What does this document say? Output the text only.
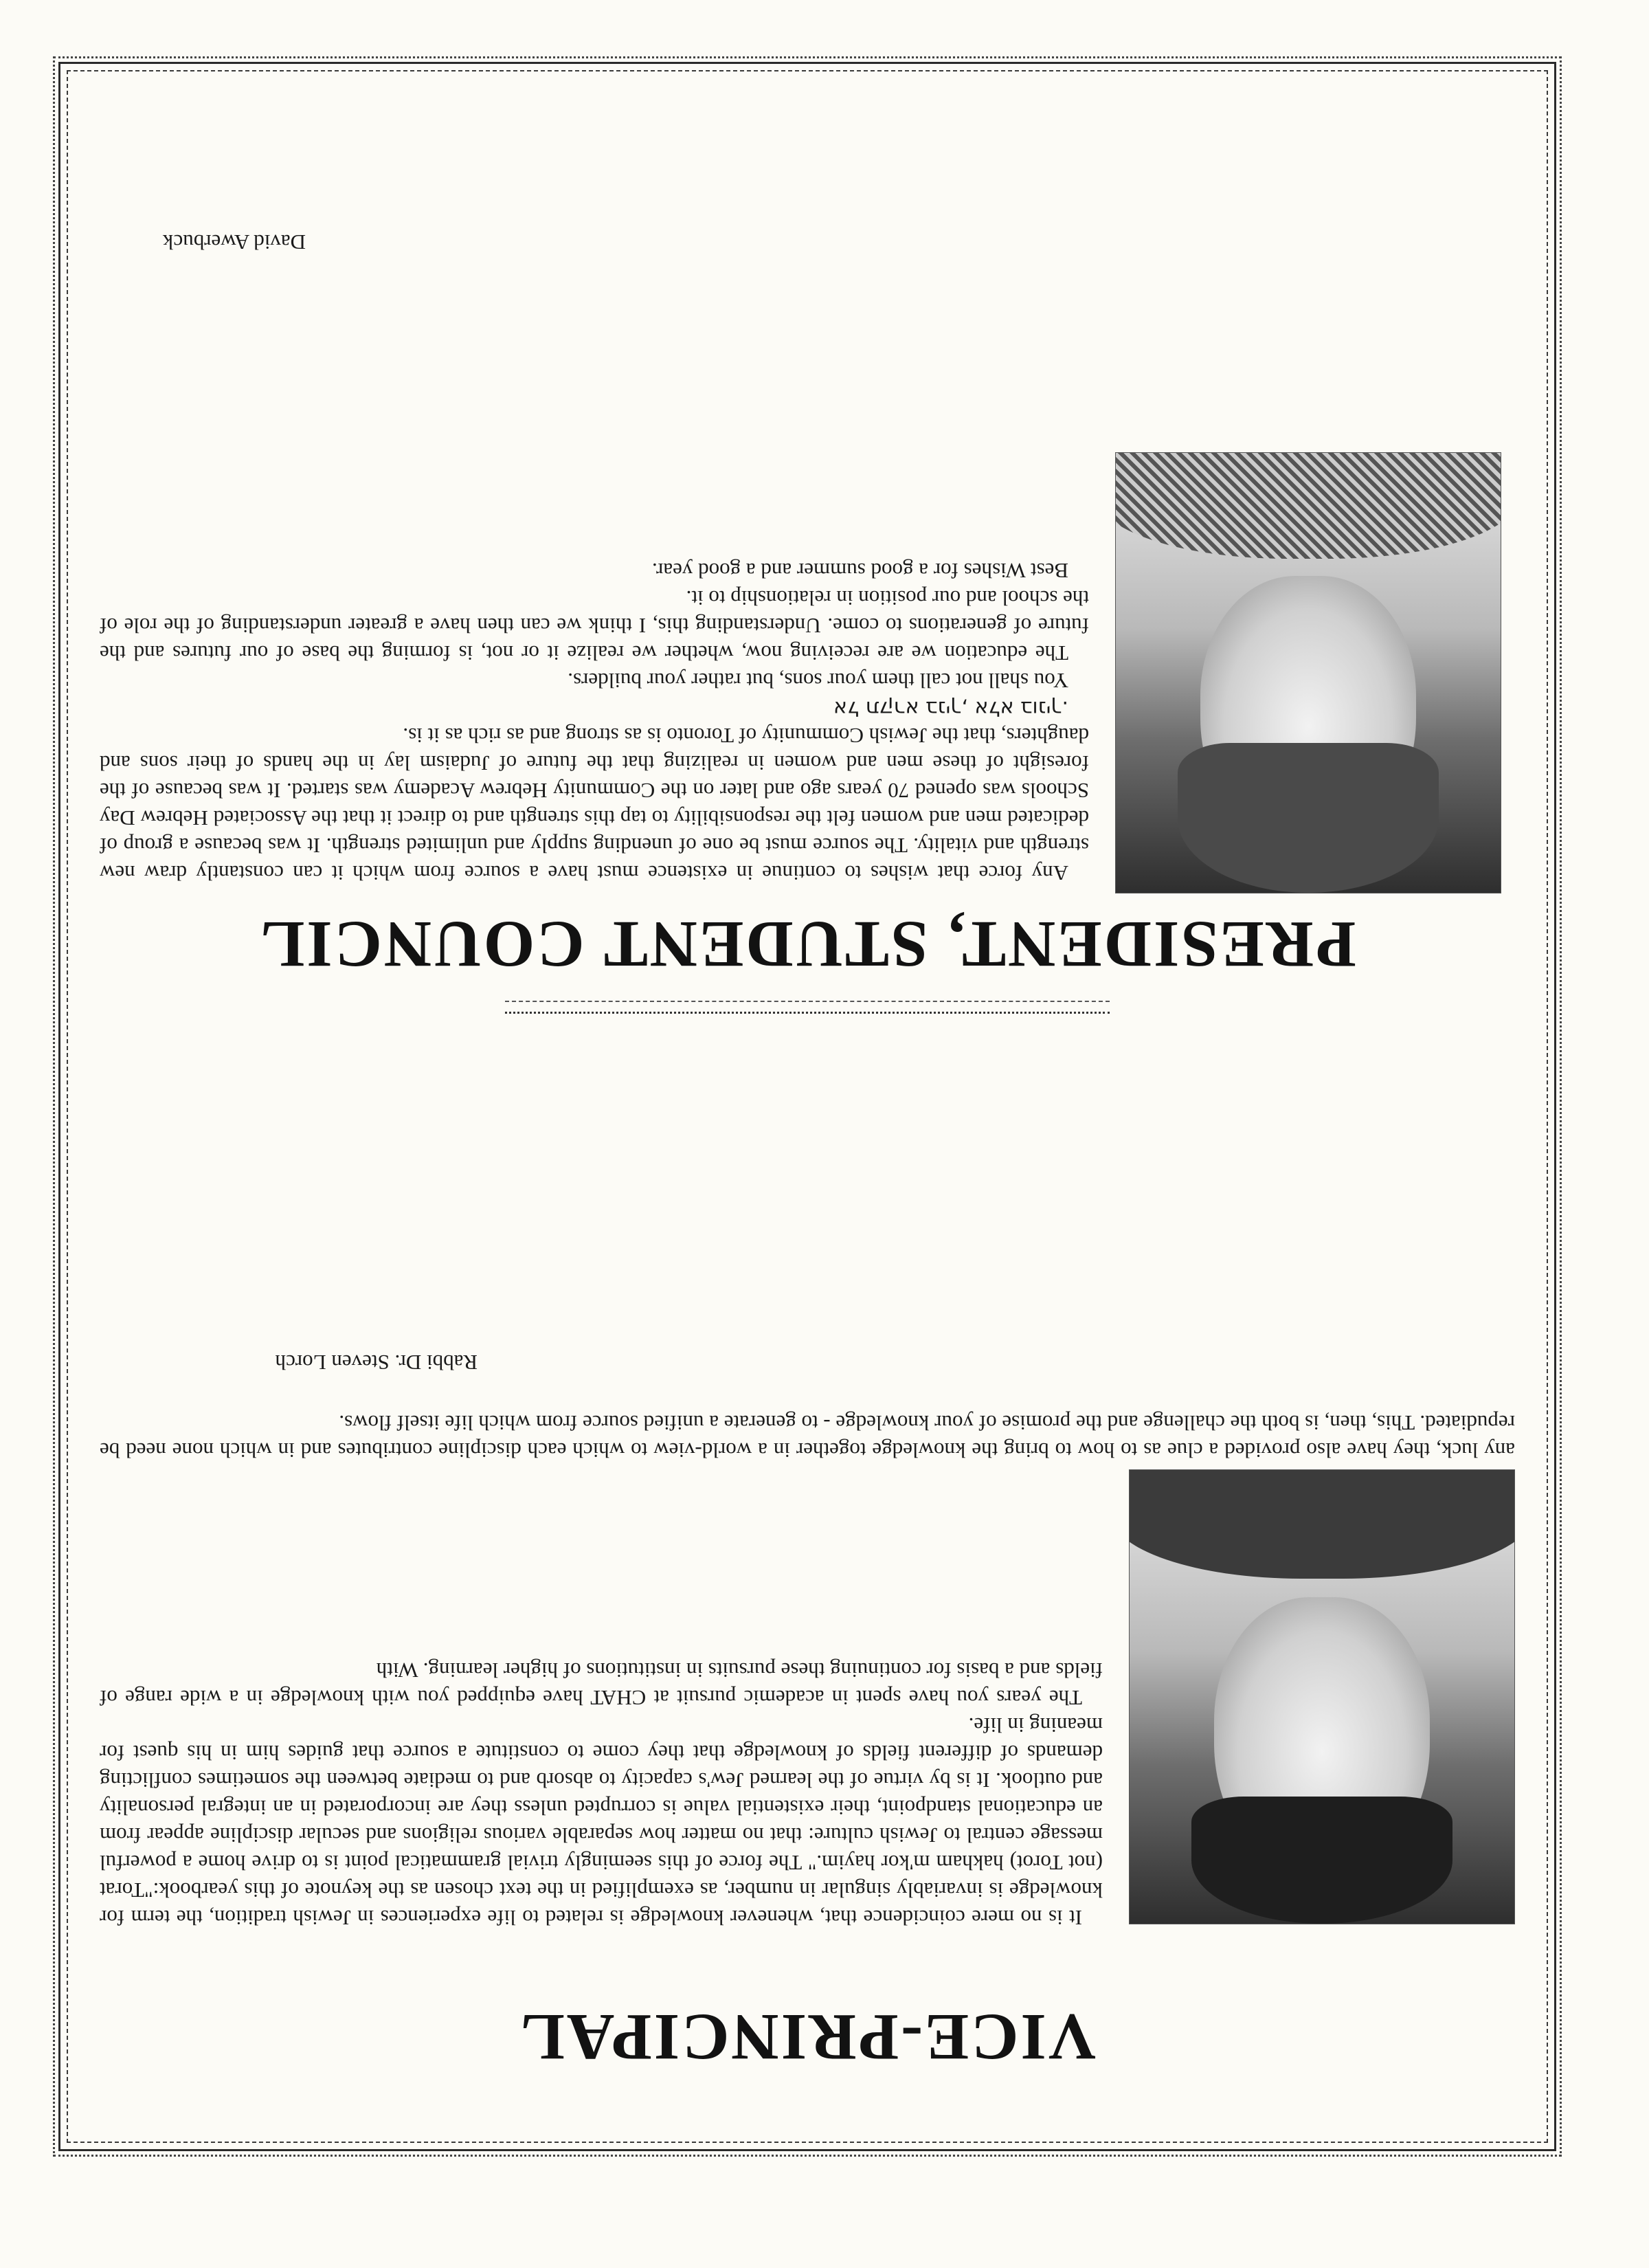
VICE-PRINCIPAL

It is no mere coincidence that, whenever knowledge is related to life experiences in Jewish tradition, the term for knowledge is invariably singular in number, as exemplified in the text chosen as the keynote of this yearbook:"Torat (not Torot) hakham m'kor hayim." The force of this seemingly trivial grammatical point is to drive home a powerful message central to Jewish culture: that no matter how separable various religions and secular discipline appear from an educational standpoint, their existential value is corrupted unless they are incorporated in an integral personality and outlook. It is by virtue of the learned Jew's capacity to absorb and to mediate between the sometimes conflicting demands of different fields of knowledge that they come to constitute a source that guides him in his quest for meaning in life.

The years you have spent in academic pursuit at CHAT have equipped you with knowledge in a wide range of fields and a basis for continuing these pursuits in institutions of higher learning. With

any luck, they have also provided a clue as to how to bring the knowledge together in a world-view to which each discipline contributes and in which none need be repudiated. This, then, is both the challenge and the promise of your knowledge - to generate a unified source from which life itself flows.

Rabbi Dr. Steven Lorch
PRESIDENT, STUDENT COUNCIL

Any force that wishes to continue in existence must have a source from which it can constantly draw new strength and vitality. The source must be one of unending supply and unlimited strength. It was because a group of dedicated men and women felt the responsibility to tap this strength and to direct it that the Associated Hebrew Day Schools was opened 70 years ago and later on the Community Hebrew Academy was started. It was because of the foresight of these men and women in realizing that the future of Judaism lay in the hands of their sons and daughters, that the Jewish Community of Toronto is as strong and as rich as it is.

אל תקרא בניך, אלא בוניך.

You shall not call them your sons, but rather your builders.

The education we are receiving now, whether we realize it or not, is forming the base of our futures and the future of generations to come. Understanding this, I think we can then have a greater understanding of the role of the school and our position in relationship to it.

Best Wishes for a good summer and a good year.

David Awerbuck
